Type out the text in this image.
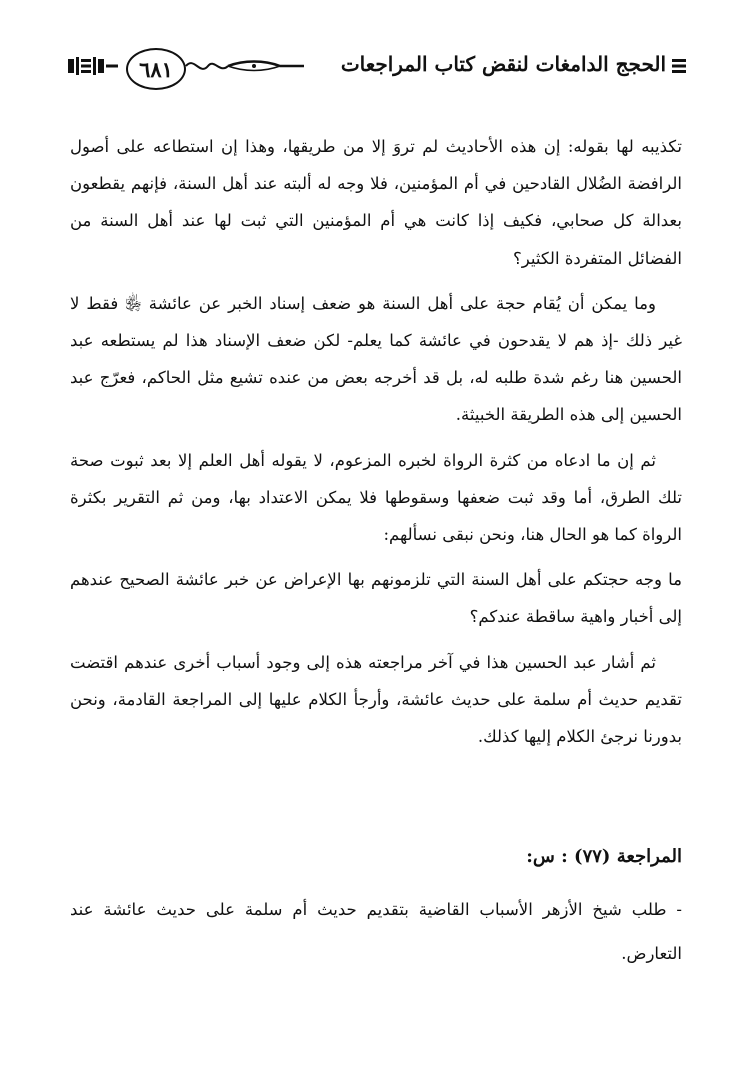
٦٨١	الحجج الدامغات لنقض كتاب المراجعات

تكذيبه لها بقوله: إن هذه الأحاديث لم تروَ إلا من طريقها، وهذا إن استطاعه على أصول الرافضة الضُلال القادحين في أم المؤمنين، فلا وجه له ألبته عند أهل السنة، فإنهم يقطعون بعدالة كل صحابي، فكيف إذا كانت هي أم المؤمنين التي ثبت لها عند أهل السنة من الفضائل المتفردة الكثير؟

وما يمكن أن يُقام حجة على أهل السنة هو ضعف إسناد الخبر عن عائشة ﵂ فقط لا غير ذلك -إذ هم لا يقدحون في عائشة كما يعلم- لكن ضعف الإسناد هذا لم يستطعه عبد الحسين هنا رغم شدة طلبه له، بل قد أخرجه بعض من عنده تشيع مثل الحاكم، فعرّج عبد الحسين إلى هذه الطريقة الخبيثة.

ثم إن ما ادعاه من كثرة الرواة لخبره المزعوم، لا يقوله أهل العلم إلا بعد ثبوت صحة تلك الطرق، أما وقد ثبت ضعفها وسقوطها فلا يمكن الاعتداد بها، ومن ثم التقرير بكثرة الرواة كما هو الحال هنا، ونحن نبقى نسألهم:

ما وجه حجتكم على أهل السنة التي تلزمونهم بها الإعراض عن خبر عائشة الصحيح عندهم إلى أخبار واهية ساقطة عندكم؟

ثم أشار عبد الحسين هذا في آخر مراجعته هذه إلى وجود أسباب أخرى عندهم اقتضت تقديم حديث أم سلمة على حديث عائشة، وأرجأ الكلام عليها إلى المراجعة القادمة، ونحن بدورنا نرجئ الكلام إليها كذلك.

المراجعة (٧٧) : س:

- طلب شيخ الأزهر الأسباب القاضية بتقديم حديث أم سلمة على حديث عائشة عند التعارض.
